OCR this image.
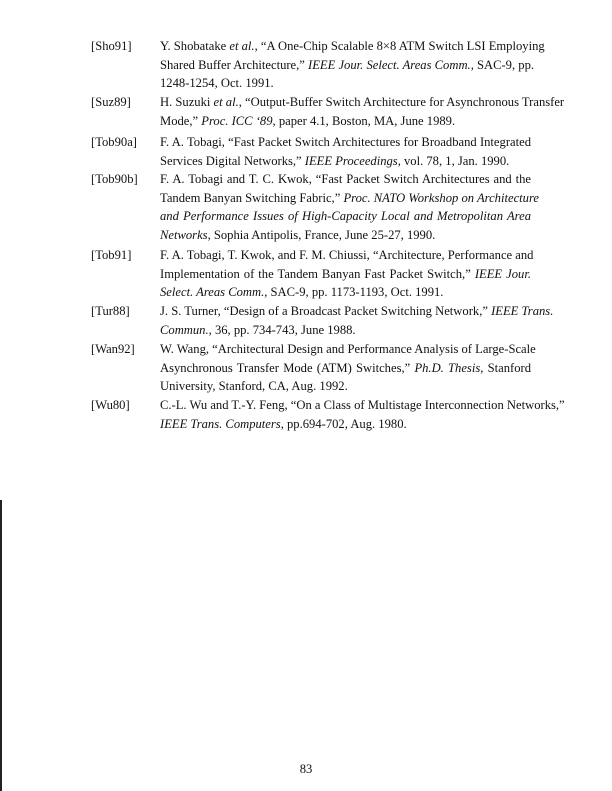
[Sho91] Y. Shobatake et al., “A One-Chip Scalable 8×8 ATM Switch LSI Employing
Shared Buffer Architecture,” IEEE Jour. Select. Areas Comm., SAC-9, pp.
1248-1254, Oct. 1991.
[Suz89] H. Suzuki et al., “Output-Buffer Switch Architecture for Asynchronous Transfer
Mode,” Proc. ICC ‘89, paper 4.1, Boston, MA, June 1989.
[Tob90a] F. A. Tobagi, “Fast Packet Switch Architectures for Broadband Integrated
Services Digital Networks,” IEEE Proceedings, vol. 78, 1, Jan. 1990.
[Tob90b] F. A. Tobagi and T. C. Kwok, “Fast Packet Switch Architectures and the
Tandem Banyan Switching Fabric,” Proc. NATO Workshop on Architecture
and Performance Issues of High-Capacity Local and Metropolitan Area
Networks, Sophia Antipolis, France, June 25-27, 1990.
[Tob91] F. A. Tobagi, T. Kwok, and F. M. Chiussi, “Architecture, Performance and
Implementation of the Tandem Banyan Fast Packet Switch,” IEEE Jour.
Select. Areas Comm., SAC-9, pp. 1173-1193, Oct. 1991.
[Tur88] J. S. Turner, “Design of a Broadcast Packet Switching Network,” IEEE Trans.
Commun., 36, pp. 734-743, June 1988.
[Wan92] W. Wang, “Architectural Design and Performance Analysis of Large-Scale
Asynchronous Transfer Mode (ATM) Switches,” Ph.D. Thesis, Stanford
University, Stanford, CA, Aug. 1992.
[Wu80] C.-L. Wu and T.-Y. Feng, “On a Class of Multistage Interconnection Networks,”
IEEE Trans. Computers, pp.694-702, Aug. 1980.
83
